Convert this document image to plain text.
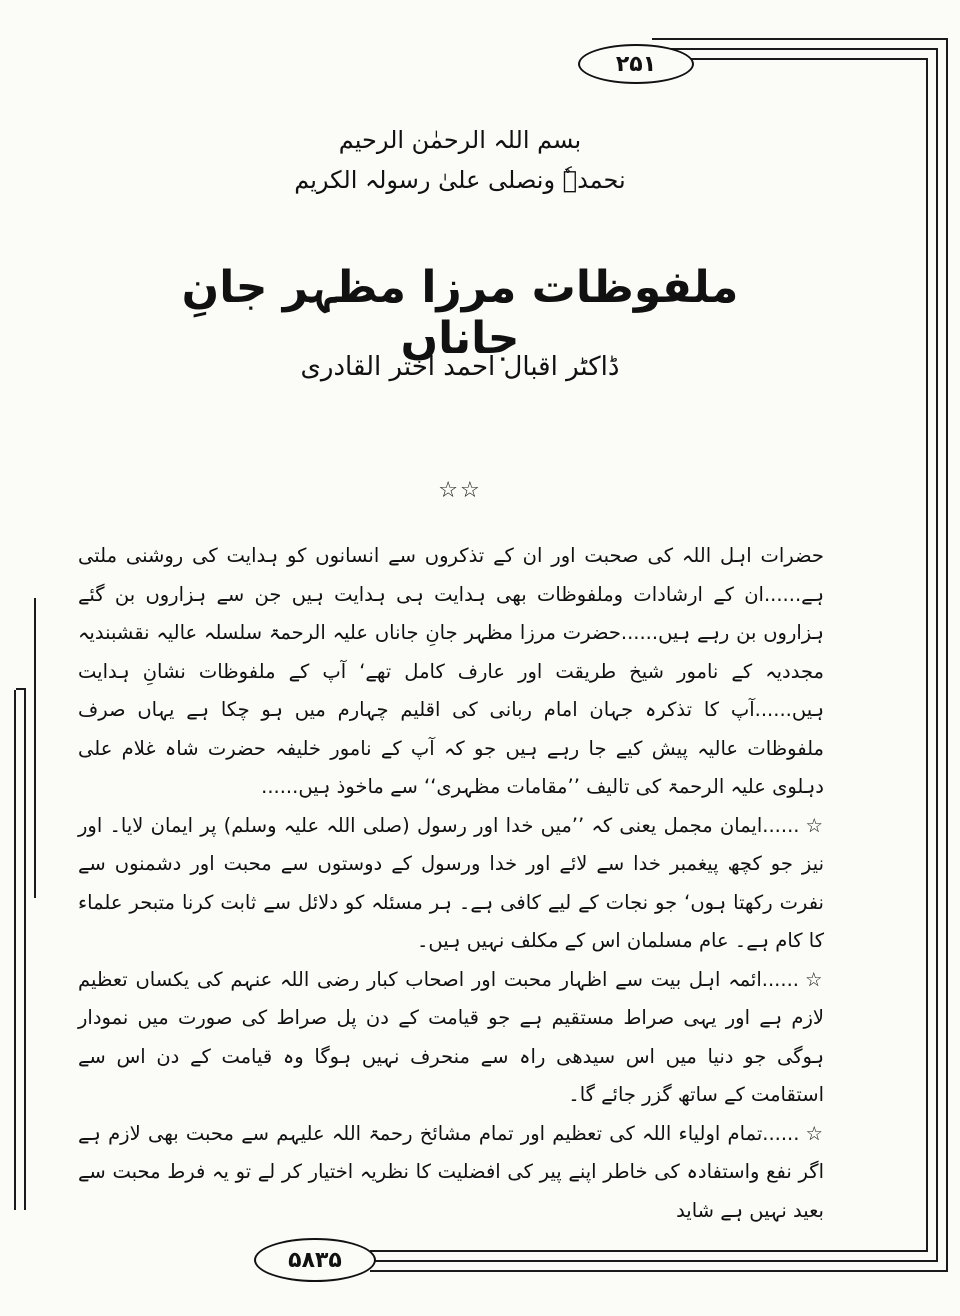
۲۵۱
۵۸۳۵
بسم اللہ الرحمٰن الرحیم
نحمدہٗ ونصلی علیٰ رسولہ الکریم
ملفوظات مرزا مظہر جانِ جاناں
ڈاکٹر اقبال احمد اختر القادری
☆☆

حضرات اہل اللہ کی صحبت اور ان کے تذکروں سے انسانوں کو ہدایت کی روشنی ملتی ہے......ان کے ارشادات وملفوظات بھی ہدایت ہی ہدایت ہیں جن سے ہزاروں بن گئے ہزاروں بن رہے ہیں......حضرت مرزا مظہر جانِ جاناں علیہ الرحمۃ سلسلہ عالیہ نقشبندیہ مجددیہ کے نامور شیخ طریقت اور عارف کامل تھے‘ آپ کے ملفوظات نشانِ ہدایت ہیں......آپ کا تذکرہ جہان امام ربانی کی اقلیم چہارم میں ہو چکا ہے یہاں صرف ملفوظات عالیہ پیش کیے جا رہے ہیں جو کہ آپ کے نامور خلیفہ حضرت شاہ غلام علی دہلوی علیہ الرحمۃ کی تالیف ’’مقامات مظہری‘‘ سے ماخوذ ہیں......

☆......ایمان مجمل یعنی کہ ’’میں خدا اور رسول (صلی اللہ علیہ وسلم) پر ایمان لایا۔ اور نیز جو کچھ پیغمبر خدا سے لائے اور خدا ورسول کے دوستوں سے محبت اور دشمنوں سے نفرت رکھتا ہوں‘ جو نجات کے لیے کافی ہے۔ ہر مسئلہ کو دلائل سے ثابت کرنا متبحر علماء کا کام ہے۔ عام مسلمان اس کے مکلف نہیں ہیں۔

☆......ائمہ اہل بیت سے اظہار محبت اور اصحاب کبار رضی اللہ عنہم کی یکساں تعظیم لازم ہے اور یہی صراط مستقیم ہے جو قیامت کے دن پل صراط کی صورت میں نمودار ہوگی جو دنیا میں اس سیدھی راہ سے منحرف نہیں ہوگا وہ قیامت کے دن اس سے استقامت کے ساتھ گزر جائے گا۔

☆......تمام اولیاء اللہ کی تعظیم اور تمام مشائخ رحمۃ اللہ علیہم سے محبت بھی لازم ہے اگر نفع واستفادہ کی خاطر اپنے پیر کی افضلیت کا نظریہ اختیار کر لے تو یہ فرط محبت سے بعید نہیں ہے شاید
